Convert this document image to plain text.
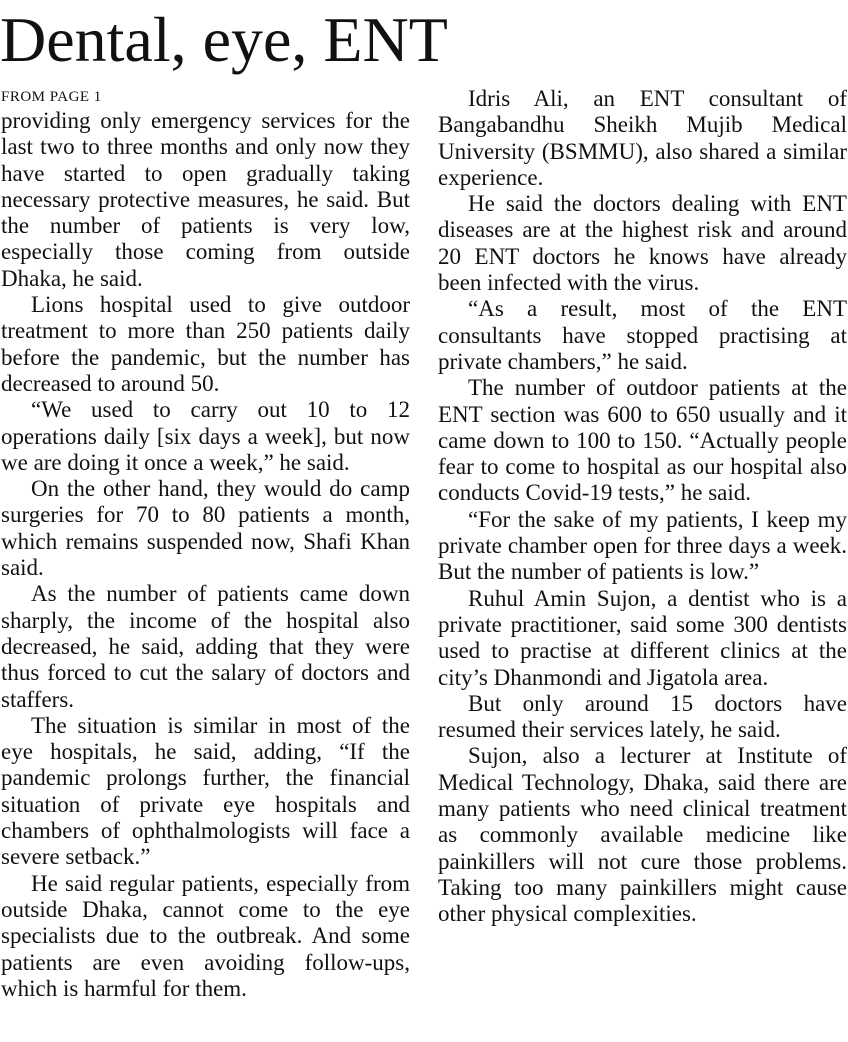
Dental, eye, ENT
FROM PAGE 1

providing only emergency services for the last two to three months and only now they have started to open gradually taking necessary protective measures, he said. But the number of patients is very low, especially those coming from outside Dhaka, he said.

Lions hospital used to give outdoor treatment to more than 250 patients daily before the pandemic, but the number has decreased to around 50.

“We used to carry out 10 to 12 operations daily [six days a week], but now we are doing it once a week,” he said.

On the other hand, they would do camp surgeries for 70 to 80 patients a month, which remains suspended now, Shafi Khan said.

As the number of patients came down sharply, the income of the hospital also decreased, he said, adding that they were thus forced to cut the salary of doctors and staffers.

The situation is similar in most of the eye hospitals, he said, adding, “If the pandemic prolongs further, the financial situation of private eye hospitals and chambers of ophthalmologists will face a severe setback.”

He said regular patients, especially from outside Dhaka, cannot come to the eye specialists due to the outbreak. And some patients are even avoiding follow-ups, which is harmful for them.

Idris Ali, an ENT consultant of Bangabandhu Sheikh Mujib Medical University (BSMMU), also shared a similar experience.

He said the doctors dealing with ENT diseases are at the highest risk and around 20 ENT doctors he knows have already been infected with the virus.

“As a result, most of the ENT consultants have stopped practising at private chambers,” he said.

The number of outdoor patients at the ENT section was 600 to 650 usually and it came down to 100 to 150. “Actually people fear to come to hospital as our hospital also conducts Covid-19 tests,” he said.

“For the sake of my patients, I keep my private chamber open for three days a week. But the number of patients is low.”

Ruhul Amin Sujon, a dentist who is a private practitioner, said some 300 dentists used to practise at different clinics at the city’s Dhanmondi and Jigatola area.

But only around 15 doctors have resumed their services lately, he said.

Sujon, also a lecturer at Institute of Medical Technology, Dhaka, said there are many patients who need clinical treatment as commonly available medicine like painkillers will not cure those problems. Taking too many painkillers might cause other physical complexities.
